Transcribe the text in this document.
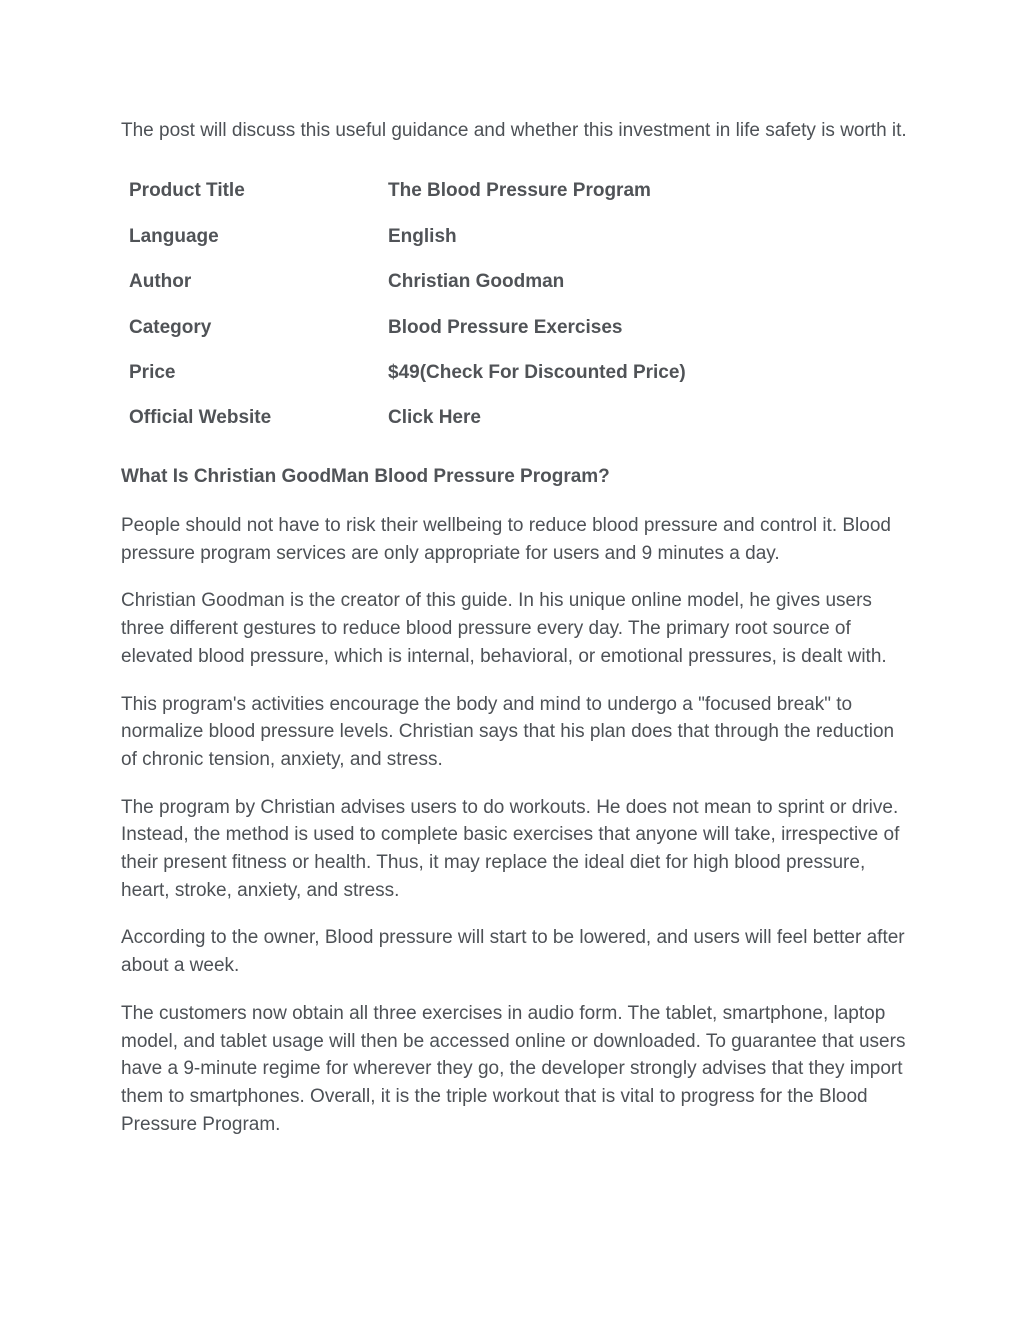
The post will discuss this useful guidance and whether this investment in life safety is worth it.

Product Title	The Blood Pressure Program
Language	English
Author	Christian Goodman
Category	Blood Pressure Exercises
Price	$49(Check For Discounted Price)
Official Website	Click Here
What Is Christian GoodMan Blood Pressure Program?

People should not have to risk their wellbeing to reduce blood pressure and control it. Blood pressure program services are only appropriate for users and 9 minutes a day.

Christian Goodman is the creator of this guide. In his unique online model, he gives users three different gestures to reduce blood pressure every day. The primary root source of elevated blood pressure, which is internal, behavioral, or emotional pressures, is dealt with.

This program's activities encourage the body and mind to undergo a "focused break" to normalize blood pressure levels. Christian says that his plan does that through the reduction of chronic tension, anxiety, and stress.

The program by Christian advises users to do workouts. He does not mean to sprint or drive. Instead, the method is used to complete basic exercises that anyone will take, irrespective of their present fitness or health. Thus, it may replace the ideal diet for high blood pressure, heart, stroke, anxiety, and stress.

According to the owner, Blood pressure will start to be lowered, and users will feel better after about a week.

The customers now obtain all three exercises in audio form. The tablet, smartphone, laptop model, and tablet usage will then be accessed online or downloaded. To guarantee that users have a 9-minute regime for wherever they go, the developer strongly advises that they import them to smartphones. Overall, it is the triple workout that is vital to progress for the Blood Pressure Program.
